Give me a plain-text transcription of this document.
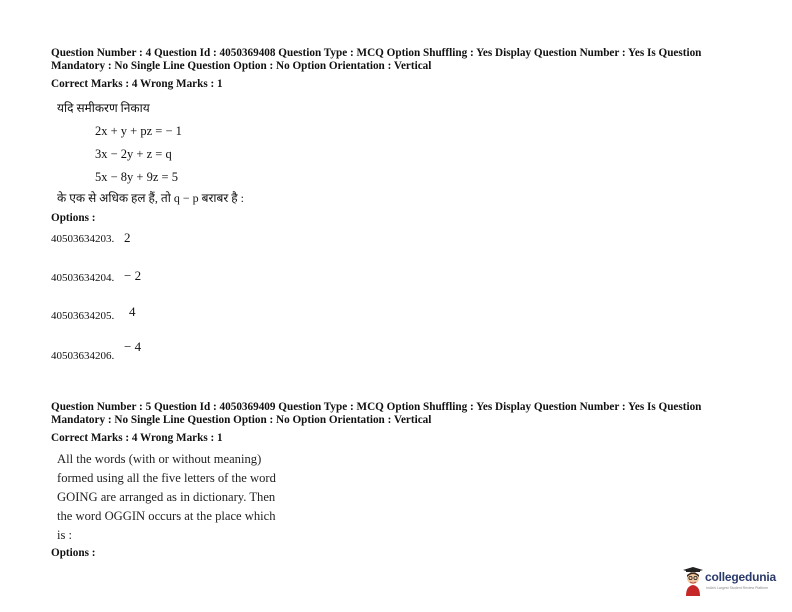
Question Number : 4 Question Id : 4050369408 Question Type : MCQ Option Shuffling : Yes Display Question Number : Yes Is Question
Mandatory : No Single Line Question Option : No Option Orientation : Vertical
Correct Marks : 4 Wrong Marks : 1
यदि समीकरण निकाय
2x + y + pz = − 1
3x − 2y + z = q
5x − 8y + 9z = 5
के एक से अधिक हल हैं, तो q − p बराबर है :
Options :
40503634203. 2
40503634204. − 2
40503634205. 4
40503634206.
− 4
Question Number : 5 Question Id : 4050369409 Question Type : MCQ Option Shuffling : Yes Display Question Number : Yes Is Question
Mandatory : No Single Line Question Option : No Option Orientation : Vertical
Correct Marks : 4 Wrong Marks : 1
All the words (with or without meaning)
formed using all the five letters of the word
GOING are arranged as in dictionary. Then
the word OGGIN occurs at the place which
is :
Options :
collegedunia
India's Largest Student Review Platform
